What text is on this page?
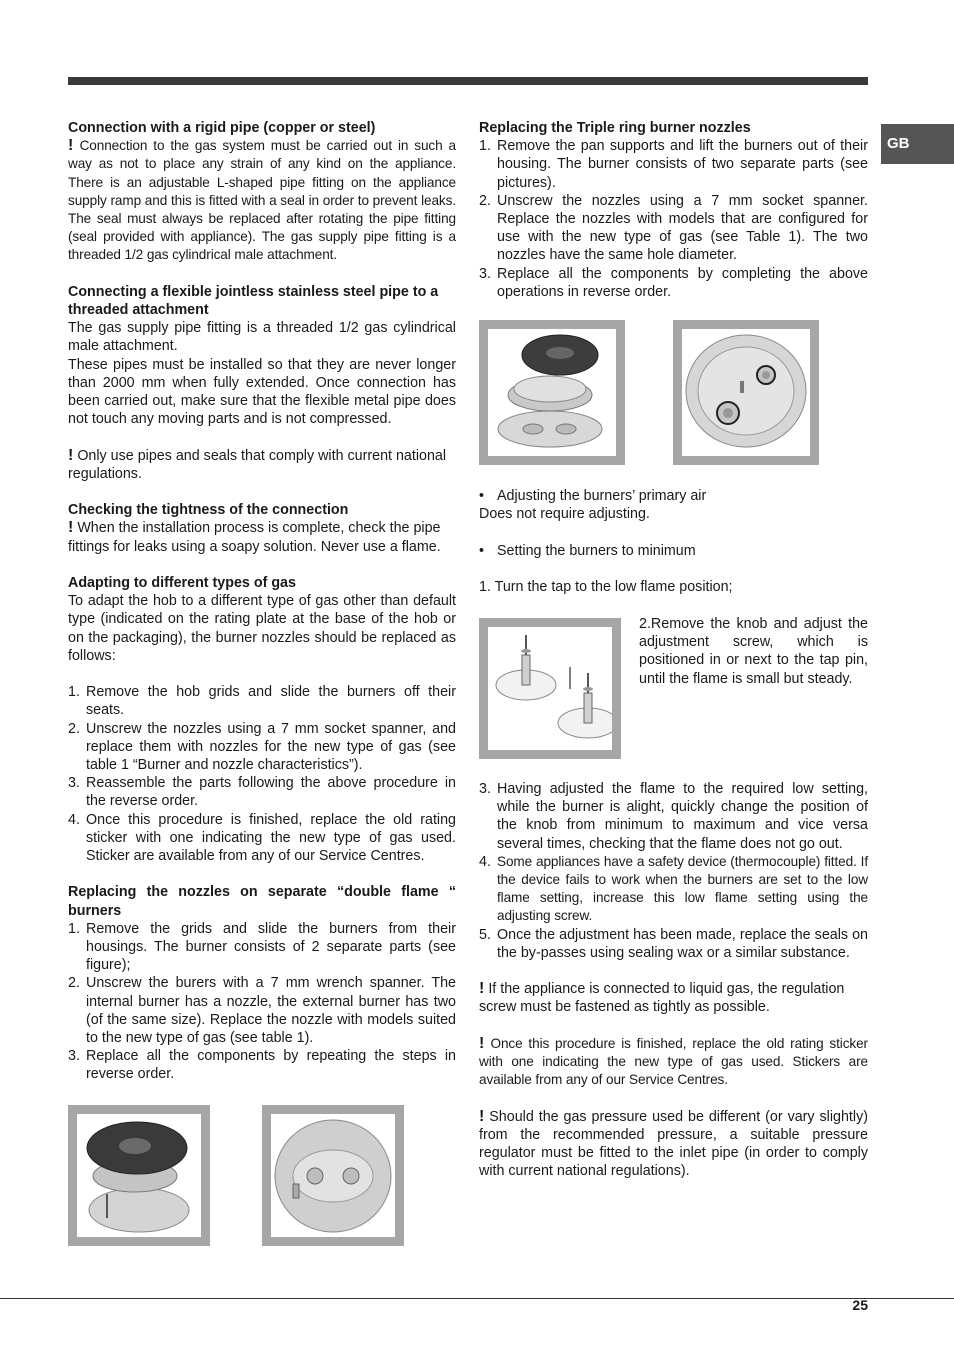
GB

Connection with a rigid pipe (copper or steel)

! Connection to the gas system must be carried out in such a way as not to place any strain of any kind on the appliance. There is an adjustable L-shaped pipe fitting on the appliance supply ramp and this is fitted with a seal in order to prevent leaks. The seal must always be replaced after rotating the pipe fitting (seal provided with appliance). The gas supply pipe fitting is a threaded 1/2 gas cylindrical male attachment.

Connecting a flexible jointless stainless steel pipe to a threaded attachment

The gas supply pipe fitting is a threaded 1/2 gas cylindrical male attachment.

These pipes must be installed so that they are never longer than 2000 mm when fully extended. Once connection has been carried out, make sure that the flexible metal pipe does not touch any moving parts and is not compressed.

! Only use pipes and seals that comply with current national regulations.

Checking the tightness of the connection

! When the installation process is complete, check the pipe fittings for leaks using a soapy solution. Never use a flame.

Adapting to different types of gas

To adapt the hob to a different type of gas other than default type (indicated on the rating plate at the base of the hob or on the packaging), the burner nozzles should be replaced as follows:

1. Remove the hob grids and slide the burners off their seats.
2. Unscrew the nozzles using a 7 mm socket spanner, and replace them with nozzles for the new type of gas (see table 1 “Burner and nozzle characteristics”).
3. Reassemble the parts following the above procedure in the reverse order.
4. Once this procedure is finished, replace the old rating sticker with one indicating the new type of gas used. Sticker are available from any of our Service Centres.

Replacing the nozzles on separate “double flame “ burners

1. Remove the grids and slide the burners from their housings. The burner consists of 2 separate parts (see figure);
2. Unscrew the burers with a 7 mm wrench spanner. The internal burner has a nozzle, the external burner has two (of the same size). Replace the nozzle with models suited to the new type of gas (see table 1).
3. Replace all the components by repeating the steps in reverse order.

Replacing the Triple ring burner nozzles

1. Remove the pan supports and lift the burners out of their housing. The burner consists of two separate parts (see pictures).
2. Unscrew the nozzles using a 7 mm socket spanner. Replace the nozzles with models that are configured for use with the new type of gas (see Table 1). The two nozzles have the same hole diameter.
3. Replace all the components by completing the above operations in reverse order.

• Adjusting the burners’ primary air

Does not require adjusting.

• Setting the burners to minimum

1. Turn the tap to the low flame position;

2.Remove the knob and adjust the adjustment screw, which is positioned in or next to the tap pin, until the flame is small but steady.

3. Having adjusted the flame to the required low setting, while the burner is alight, quickly change the position of the knob from minimum to maximum and vice versa several times, checking that the flame does not go out.
4. Some appliances have a safety device (thermocouple) fitted. If the device fails to work when the burners are set to the low flame setting, increase this low flame setting using the adjusting screw.
5. Once the adjustment has been made, replace the seals on the by-passes using sealing wax or a similar substance.

! If the appliance is connected to liquid gas, the regulation screw must be fastened as tightly as possible.

! Once this procedure is finished, replace the old rating sticker with one indicating the new type of gas used. Stickers are available from any of our Service Centres.

! Should the gas pressure used be different (or vary slightly) from the recommended pressure, a suitable pressure regulator must be fitted to the inlet pipe (in order to comply with current national regulations).

25
